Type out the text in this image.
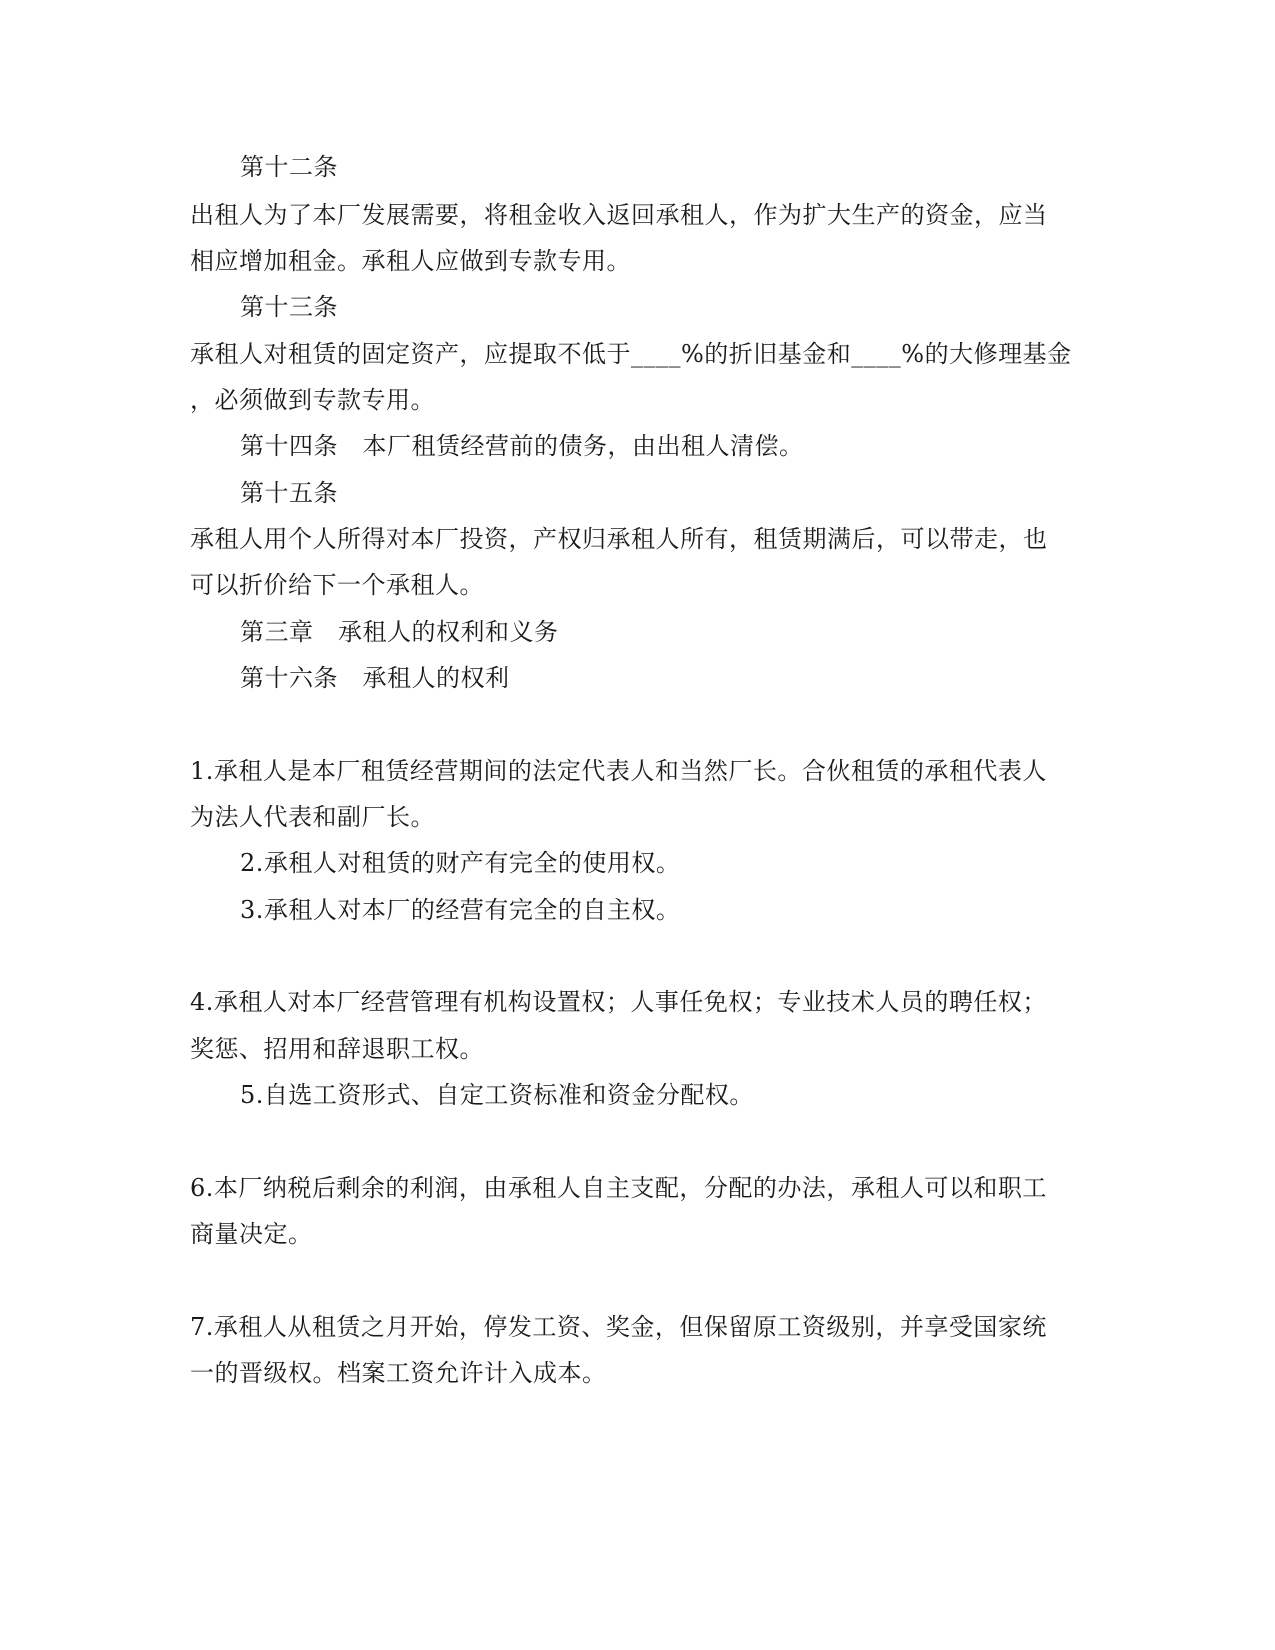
第十二条
出租人为了本厂发展需要，将租金收入返回承租人，作为扩大生产的资金，应当
相应增加租金。承租人应做到专款专用。
第十三条
承租人对租赁的固定资产，应提取不低于____%的折旧基金和____%的大修理基金
，必须做到专款专用。
第十四条　本厂租赁经营前的债务，由出租人清偿。
第十五条
承租人用个人所得对本厂投资，产权归承租人所有，租赁期满后，可以带走，也
可以折价给下一个承租人。
第三章　承租人的权利和义务
第十六条　承租人的权利
1.承租人是本厂租赁经营期间的法定代表人和当然厂长。合伙租赁的承租代表人
为法人代表和副厂长。
2.承租人对租赁的财产有完全的使用权。
3.承租人对本厂的经营有完全的自主权。
4.承租人对本厂经营管理有机构设置权；人事任免权；专业技术人员的聘任权；
奖惩、招用和辞退职工权。
5.自选工资形式、自定工资标准和资金分配权。
6.本厂纳税后剩余的利润，由承租人自主支配，分配的办法，承租人可以和职工
商量决定。
7.承租人从租赁之月开始，停发工资、奖金，但保留原工资级别，并享受国家统
一的晋级权。档案工资允许计入成本。
